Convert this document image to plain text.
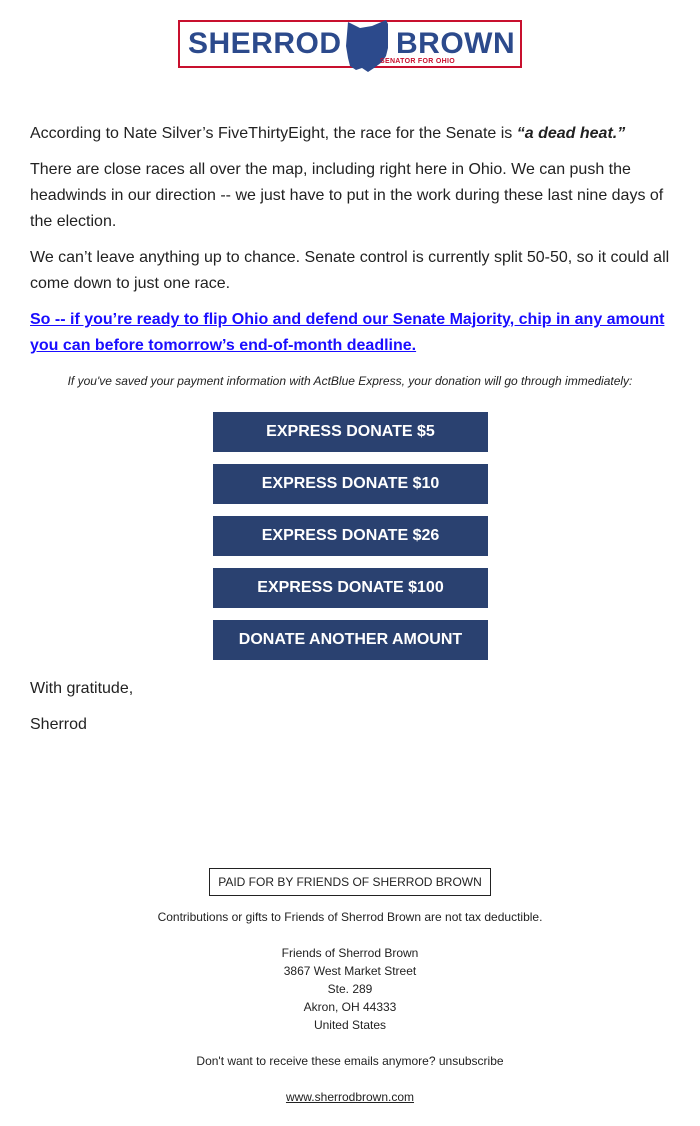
SHERROD BROWN
SENATOR FOR OHIO

According to Nate Silver’s FiveThirtyEight, the race for the Senate is “a dead heat.”

There are close races all over the map, including right here in Ohio. We can push the headwinds in our direction -- we just have to put in the work during these last nine days of the election.

We can’t leave anything up to chance. Senate control is currently split 50-50, so it could all come down to just one race.

So -- if you’re ready to flip Ohio and defend our Senate Majority, chip in any amount you can before tomorrow’s end-of-month deadline.

If you've saved your payment information with ActBlue Express, your donation will go through immediately:

EXPRESS DONATE $5
EXPRESS DONATE $10
EXPRESS DONATE $26
EXPRESS DONATE $100
DONATE ANOTHER AMOUNT

With gratitude,

Sherrod

PAID FOR BY FRIENDS OF SHERROD BROWN

Contributions or gifts to Friends of Sherrod Brown are not tax deductible.

Friends of Sherrod Brown
3867 West Market Street
Ste. 289
Akron, OH 44333
United States

Don't want to receive these emails anymore? unsubscribe

www.sherrodbrown.com
